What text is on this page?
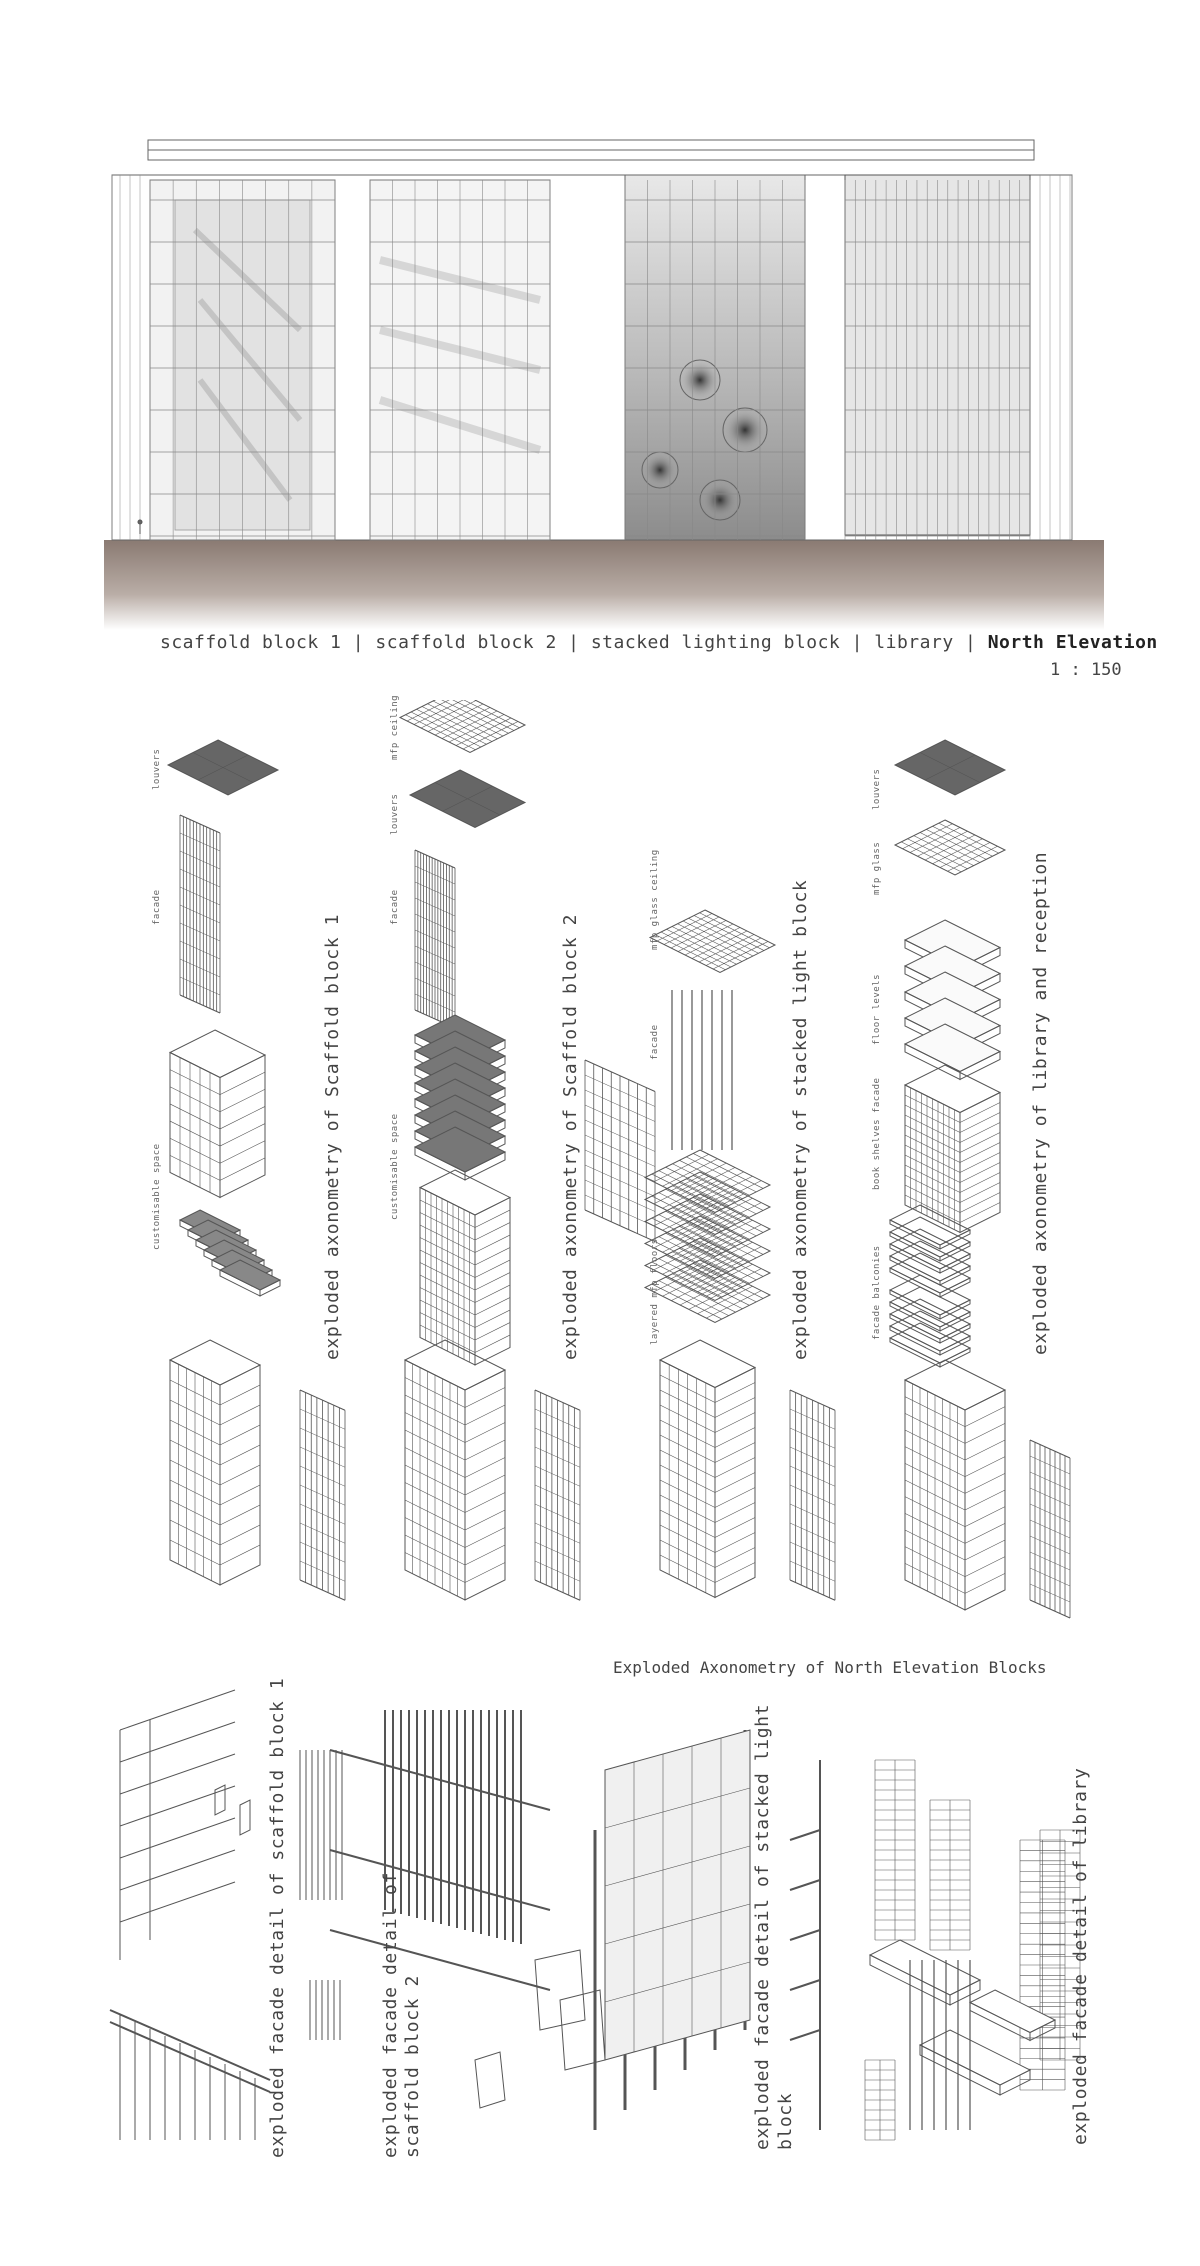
scaffold block 1 | scaffold block 2 | stacked lighting block | library | North Elevation
1 : 150
louvers
facade
customisable space	exploded axonometry of Scaffold block 1
mfp ceiling
louvers
facade
customisable space	exploded axonometry of Scaffold block 2
mfp glass ceiling
facade
layered mfp floors	exploded axonometry of stacked light block
louvers
mfp glass
floor levels
book shelves facade
facade balconies	exploded axonometry of library and reception
Exploded Axonometry of North Elevation Blocks
exploded facade detail of scaffold block 1	exploded facade detail of scaffold block 2	exploded facade detail of stacked light block	exploded facade detail of library
